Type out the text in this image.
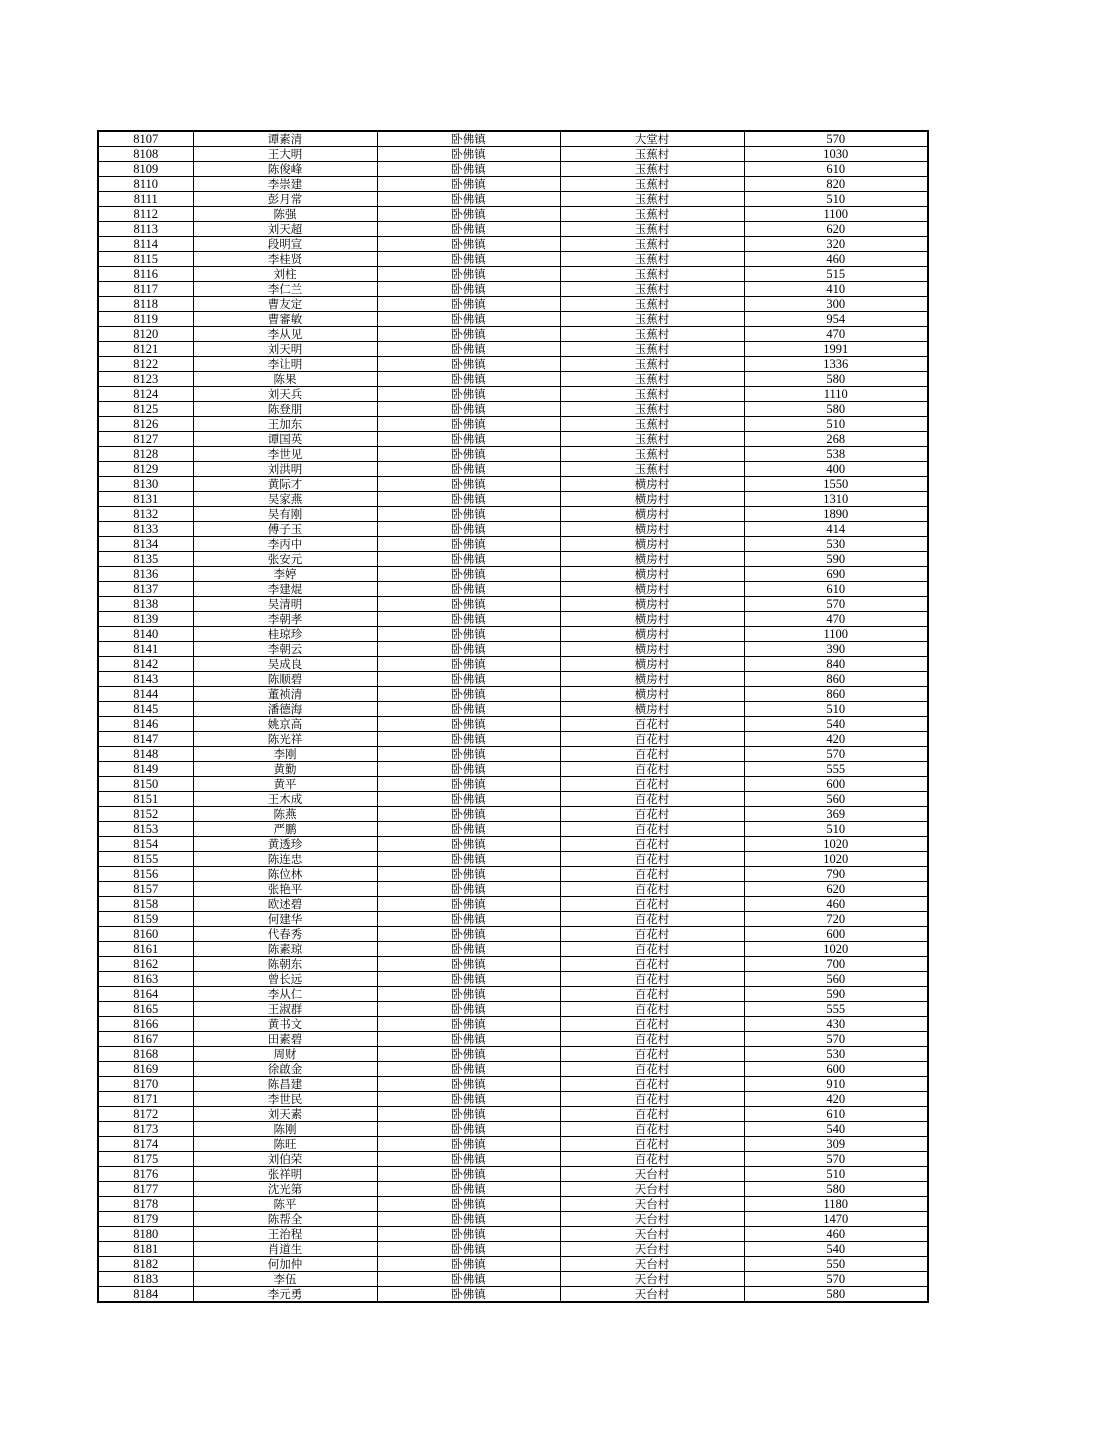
8107	谭素清	卧佛镇	大堂村	570
8108	王大明	卧佛镇	玉蕉村	1030
8109	陈俊峰	卧佛镇	玉蕉村	610
8110	李崇建	卧佛镇	玉蕉村	820
8111	彭月常	卧佛镇	玉蕉村	510
8112	陈强	卧佛镇	玉蕉村	1100
8113	刘天超	卧佛镇	玉蕉村	620
8114	段明宣	卧佛镇	玉蕉村	320
8115	李桂贤	卧佛镇	玉蕉村	460
8116	刘柱	卧佛镇	玉蕉村	515
8117	李仁兰	卧佛镇	玉蕉村	410
8118	曹友定	卧佛镇	玉蕉村	300
8119	曹審敏	卧佛镇	玉蕉村	954
8120	李从见	卧佛镇	玉蕉村	470
8121	刘天明	卧佛镇	玉蕉村	1991
8122	李让明	卧佛镇	玉蕉村	1336
8123	陈果	卧佛镇	玉蕉村	580
8124	刘天兵	卧佛镇	玉蕉村	1110
8125	陈登朋	卧佛镇	玉蕉村	580
8126	王加东	卧佛镇	玉蕉村	510
8127	谭国英	卧佛镇	玉蕉村	268
8128	李世见	卧佛镇	玉蕉村	538
8129	刘洪明	卧佛镇	玉蕉村	400
8130	黄际才	卧佛镇	横房村	1550
8131	吴家燕	卧佛镇	横房村	1310
8132	吴有刚	卧佛镇	横房村	1890
8133	傅子玉	卧佛镇	横房村	414
8134	李丙中	卧佛镇	横房村	530
8135	张安元	卧佛镇	横房村	590
8136	李婷	卧佛镇	横房村	690
8137	李建焜	卧佛镇	横房村	610
8138	吴清明	卧佛镇	横房村	570
8139	李朝孝	卧佛镇	横房村	470
8140	桂琼珍	卧佛镇	横房村	1100
8141	李朝云	卧佛镇	横房村	390
8142	吴成良	卧佛镇	横房村	840
8143	陈顺碧	卧佛镇	横房村	860
8144	董祯清	卧佛镇	横房村	860
8145	潘德海	卧佛镇	横房村	510
8146	姚京高	卧佛镇	百花村	540
8147	陈光祥	卧佛镇	百花村	420
8148	李刚	卧佛镇	百花村	570
8149	黄勤	卧佛镇	百花村	555
8150	黄平	卧佛镇	百花村	600
8151	王木成	卧佛镇	百花村	560
8152	陈燕	卧佛镇	百花村	369
8153	严鹏	卧佛镇	百花村	510
8154	黄透珍	卧佛镇	百花村	1020
8155	陈连忠	卧佛镇	百花村	1020
8156	陈位林	卧佛镇	百花村	790
8157	张艳平	卧佛镇	百花村	620
8158	欧述碧	卧佛镇	百花村	460
8159	何建华	卧佛镇	百花村	720
8160	代春秀	卧佛镇	百花村	600
8161	陈素琼	卧佛镇	百花村	1020
8162	陈朝东	卧佛镇	百花村	700
8163	曾长远	卧佛镇	百花村	560
8164	李从仁	卧佛镇	百花村	590
8165	王淑群	卧佛镇	百花村	555
8166	黄书文	卧佛镇	百花村	430
8167	田素碧	卧佛镇	百花村	570
8168	周财	卧佛镇	百花村	530
8169	徐啟金	卧佛镇	百花村	600
8170	陈昌建	卧佛镇	百花村	910
8171	李世民	卧佛镇	百花村	420
8172	刘天素	卧佛镇	百花村	610
8173	陈刚	卧佛镇	百花村	540
8174	陈旺	卧佛镇	百花村	309
8175	刘伯荣	卧佛镇	百花村	570
8176	张祥明	卧佛镇	天台村	510
8177	沈光第	卧佛镇	天台村	580
8178	陈平	卧佛镇	天台村	1180
8179	陈帮全	卧佛镇	天台村	1470
8180	王治程	卧佛镇	天台村	460
8181	肖道生	卧佛镇	天台村	540
8182	何加仲	卧佛镇	天台村	550
8183	李伍	卧佛镇	天台村	570
8184	李元勇	卧佛镇	天台村	580
